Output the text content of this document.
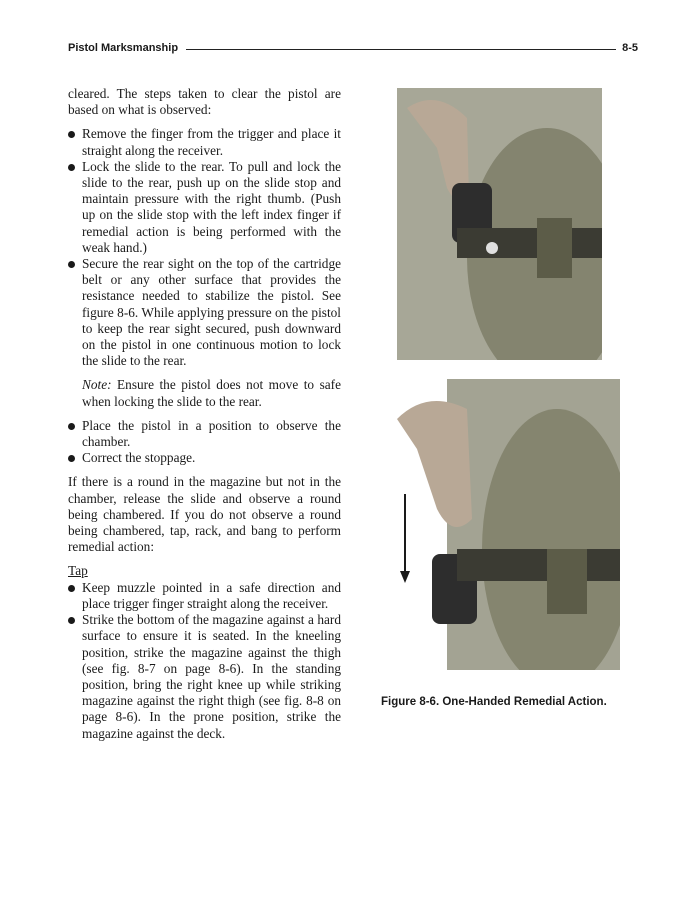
Pistol Marksmanship	8-5

cleared. The steps taken to clear the pistol are based on what is observed:

Remove the finger from the trigger and place it straight along the receiver.
Lock the slide to the rear. To pull and lock the slide to the rear, push up on the slide stop and maintain pressure with the right thumb. (Push up on the slide stop with the left index finger if remedial action is being performed with the weak hand.)
Secure the rear sight on the top of the cartridge belt or any other surface that provides the resistance needed to stabilize the pistol. See figure 8-6. While applying pressure on the pistol to keep the rear sight secured, push downward on the pistol in one continuous motion to lock the slide to the rear.

Note: Ensure the pistol does not move to safe when locking the slide to the rear.

Place the pistol in a position to observe the chamber.
Correct the stoppage.

If there is a round in the magazine but not in the chamber, release the slide and observe a round being chambered. If you do not observe a round being chambered, tap, rack, and bang to perform remedial action:

Tap

Keep muzzle pointed in a safe direction and place trigger finger straight along the receiver.
Strike the bottom of the magazine against a hard surface to ensure it is seated. In the kneeling position, strike the magazine against the thigh (see fig. 8-7 on page 8-6). In the standing position, bring the right knee up while striking magazine against the right thigh (see fig. 8-8 on page 8-6). In the prone position, strike the magazine against the deck.
Figure 8-6. One-Handed Remedial Action.
